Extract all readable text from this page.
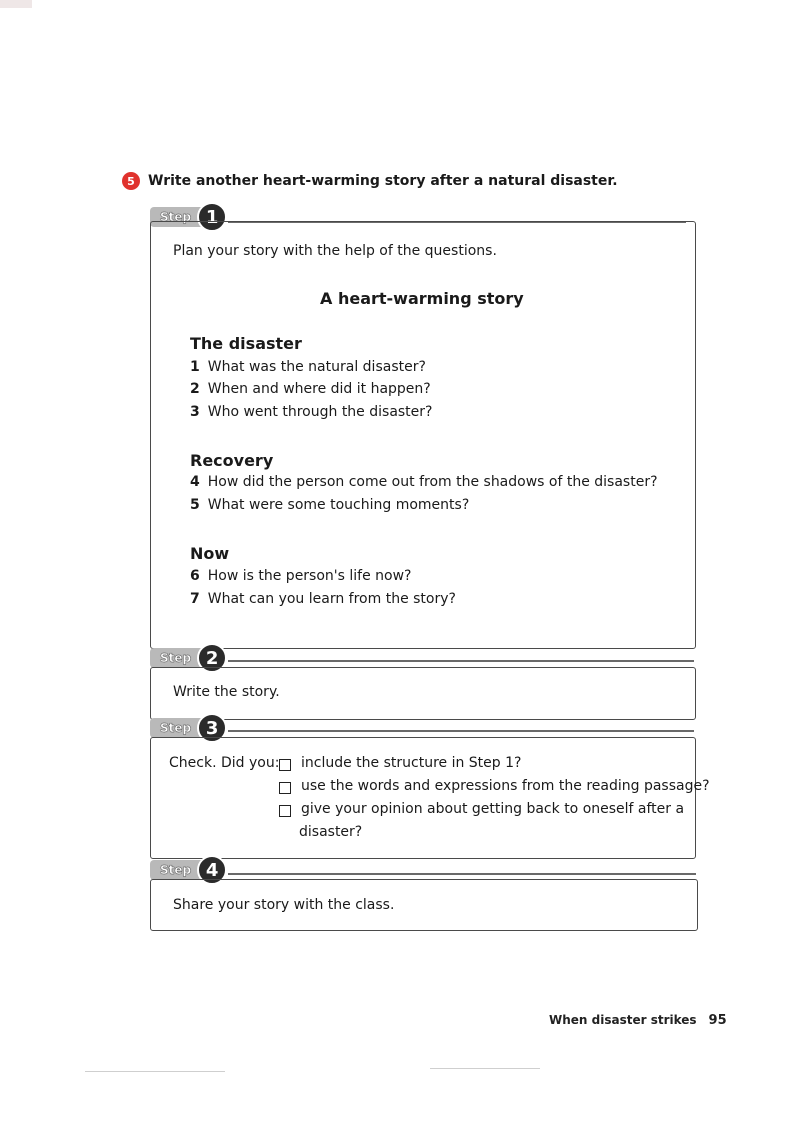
5 Write another heart-warming story after a natural disaster.
Step 1
Plan your story with the help of the questions.
A heart-warming story
The disaster
1 What was the natural disaster?
2 When and where did it happen?
3 Who went through the disaster?
Recovery
4 How did the person come out from the shadows of the disaster?
5 What were some touching moments?
Now
6 How is the person's life now?
7 What can you learn from the story?
Step 2
Write the story.
Step 3
Check. Did you: include the structure in Step 1?
use the words and expressions from the reading passage?
give your opinion about getting back to oneself after a
disaster?
Step 4
Share your story with the class.
When disaster strikes 95
